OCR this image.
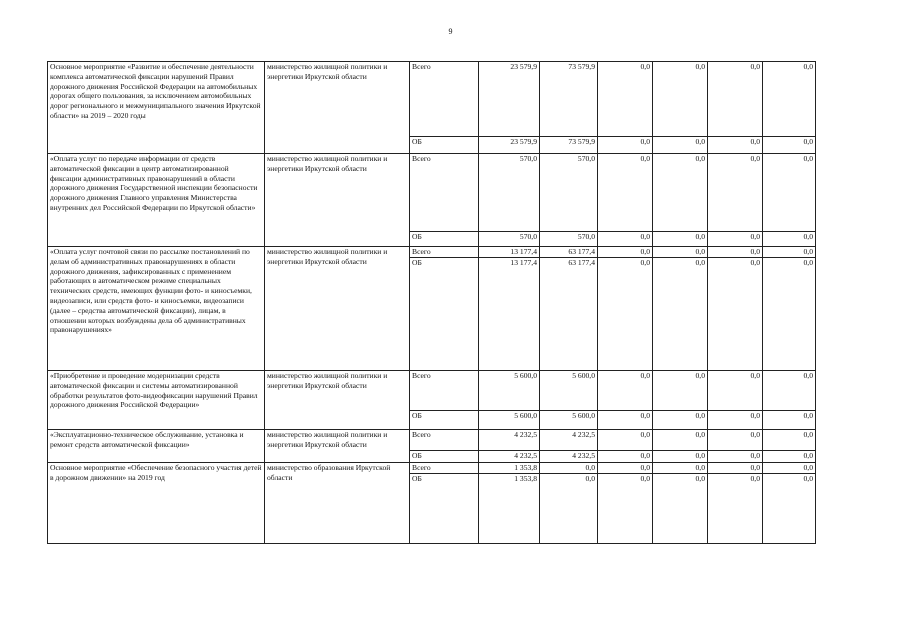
9
Основное мероприятие «Развитие и обеспечение деятельности комплекса автоматической фиксации нарушений Правил дорожного движения Российской Федерации на автомобильных дорогах общего пользования, за исключением автомобильных дорог регионального и межмуниципального значения Иркутской области» на 2019 – 2020 годы	министерство жилищной политики и энергетики Иркутской области	Всего	23 579,9	73 579,9	0,0	0,0	0,0	0,0
		ОБ	23 579,9	73 579,9	0,0	0,0	0,0	0,0
«Оплата услуг по передаче информации от средств автоматической фиксации в центр автоматизированной фиксации административных правонарушений в области дорожного движения Государственной инспекции безопасности дорожного движения Главного управления Министерства внутренних дел Российской Федерации по Иркутской области»	министерство жилищной политики и энергетики Иркутской области	Всего	570,0	570,0	0,0	0,0	0,0	0,0
		ОБ	570,0	570,0	0,0	0,0	0,0	0,0
«Оплата услуг почтовой связи по рассылке постановлений по делам об административных правонарушениях в области дорожного движения, зафиксированных с применением работающих в автоматическом режиме специальных технических средств, имеющих функции фото- и киносъемки, видеозаписи, или средств фото- и киносъемки, видеозаписи (далее – средства автоматической фиксации), лицам, в отношении которых возбуждены дела об административных правонарушениях»	министерство жилищной политики и энергетики Иркутской области	Всего	13 177,4	63 177,4	0,0	0,0	0,0	0,0
		ОБ	13 177,4	63 177,4	0,0	0,0	0,0	0,0
«Приобретение и проведение модернизации средств автоматической фиксации и системы автоматизированной обработки результатов фото-видеофиксации нарушений Правил дорожного движения Российской Федерации»	министерство жилищной политики и энергетики Иркутской области	Всего	5 600,0	5 600,0	0,0	0,0	0,0	0,0
		ОБ	5 600,0	5 600,0	0,0	0,0	0,0	0,0
«Эксплуатационно-техническое обслуживание, установка и ремонт средств автоматической фиксации»	министерство жилищной политики и энергетики Иркутской области	Всего	4 232,5	4 232,5	0,0	0,0	0,0	0,0
		ОБ	4 232,5	4 232,5	0,0	0,0	0,0	0,0
Основное мероприятие «Обеспечение безопасного участия детей в дорожном движении» на 2019 год	министерство образования Иркутской области	Всего	1 353,8	0,0	0,0	0,0	0,0	0,0
		ОБ	1 353,8	0,0	0,0	0,0	0,0	0,0
